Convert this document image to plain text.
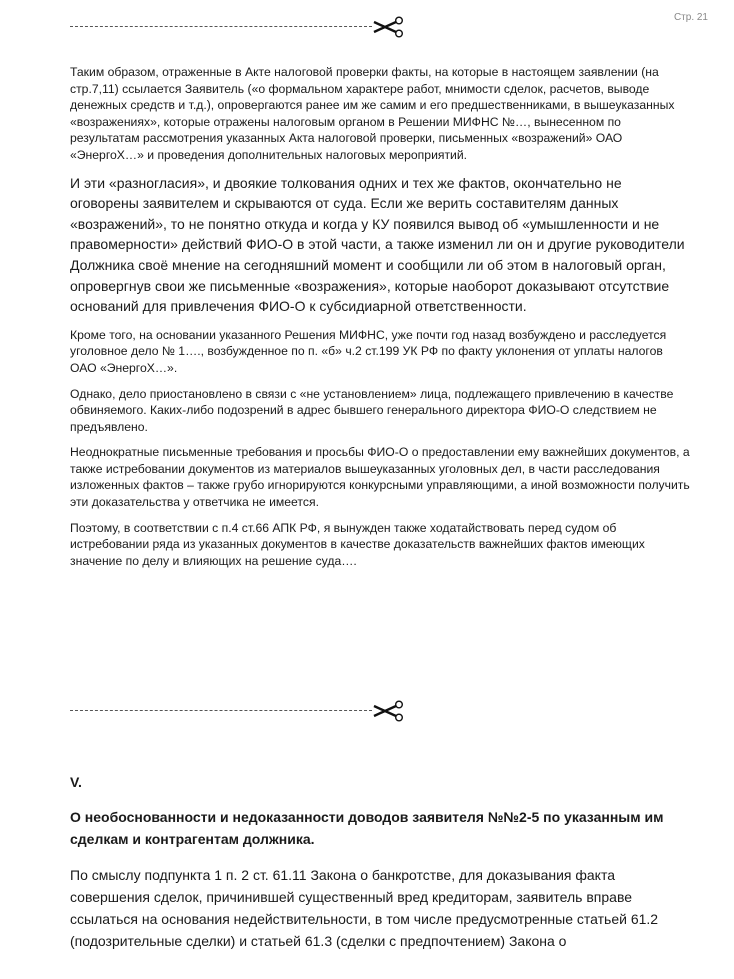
Стр. 21

Таким образом, отраженные в Акте налоговой проверки факты, на которые в настоящем заявлении (на стр.7,11) ссылается Заявитель («о формальном характере работ, мнимости сделок, расчетов, выводе денежных средств и т.д.), опровергаются ранее им же самим и его предшественниками, в вышеуказанных «возражениях», которые отражены налоговым органом в Решении МИФНС №…, вынесенном по результатам рассмотрения указанных Акта налоговой проверки, письменных «возражений» ОАО «ЭнергоХ…» и проведения дополнительных налоговых мероприятий.

И эти «разногласия», и двоякие толкования одних и тех же фактов, окончательно не оговорены заявителем и скрываются от суда. Если же верить составителям данных «возражений», то не понятно откуда и когда у КУ появился вывод об «умышленности и не правомерности» действий ФИО-О в этой части, а также изменил ли он и другие руководители Должника своё мнение на сегодняшний момент и сообщили ли об этом в налоговый орган, опровергнув свои же письменные «возражения», которые наоборот доказывают отсутствие оснований для привлечения ФИО-О к субсидиарной ответственности.

Кроме того, на основании указанного Решения МИФНС, уже почти год назад возбуждено и расследуется уголовное дело № 1…., возбужденное по п. «б» ч.2 ст.199 УК РФ по факту уклонения от уплаты налогов ОАО «ЭнергоХ…».

Однако, дело приостановлено в связи с «не установлением» лица, подлежащего привлечению в качестве обвиняемого. Каких-либо подозрений в адрес бывшего генерального директора ФИО-О следствием не предъявлено.

Неоднократные письменные требования и просьбы ФИО-О о предоставлении ему важнейших документов, а также истребовании документов из материалов вышеуказанных уголовных дел, в части расследования изложенных фактов – также грубо игнорируются конкурсными управляющими, а иной возможности получить эти доказательства у ответчика не имеется.

Поэтому, в соответствии с п.4 ст.66 АПК РФ, я вынужден также ходатайствовать перед судом об истребовании ряда из указанных документов в качестве доказательств важнейших фактов имеющих значение по делу и влияющих на решение суда….

V.

О необоснованности и недоказанности доводов заявителя №№2-5 по указанным им сделкам и контрагентам должника.

По смыслу подпункта 1 п. 2 ст. 61.11 Закона о банкротстве, для доказывания факта совершения сделок, причинившей существенный вред кредиторам, заявитель вправе ссылаться на основания недействительности, в том числе предусмотренные статьей 61.2 (подозрительные сделки) и статьей 61.3 (сделки с предпочтением) Закона о
